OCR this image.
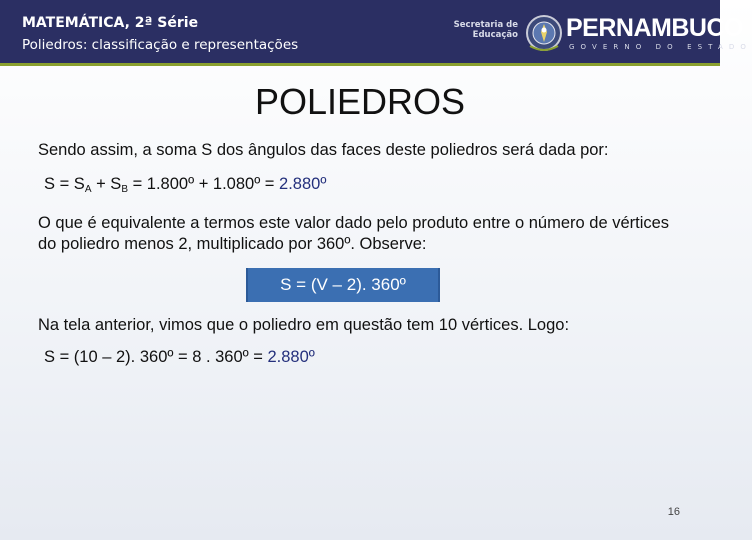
MATEMÁTICA, 2ª Série
Poliedros: classificação e representações
Secretaria de
Educação PERNAMBUCO
GOVERNO DO ESTADO
POLIEDROS
Sendo assim, a soma S dos ângulos das faces deste poliedros será dada por:
$S = S_A + S_B$ = 1.800º + 1.080º = 2.880º
O que é equivalente a termos este valor dado pelo produto entre o número de vértices do poliedro menos 2, multiplicado por 360º. Observe:
S = (V – 2). 360º
Na tela anterior, vimos que o poliedro em questão tem 10 vértices. Logo:
S = (10 – 2). 360º = 8 . 360º = 2.880º
16
